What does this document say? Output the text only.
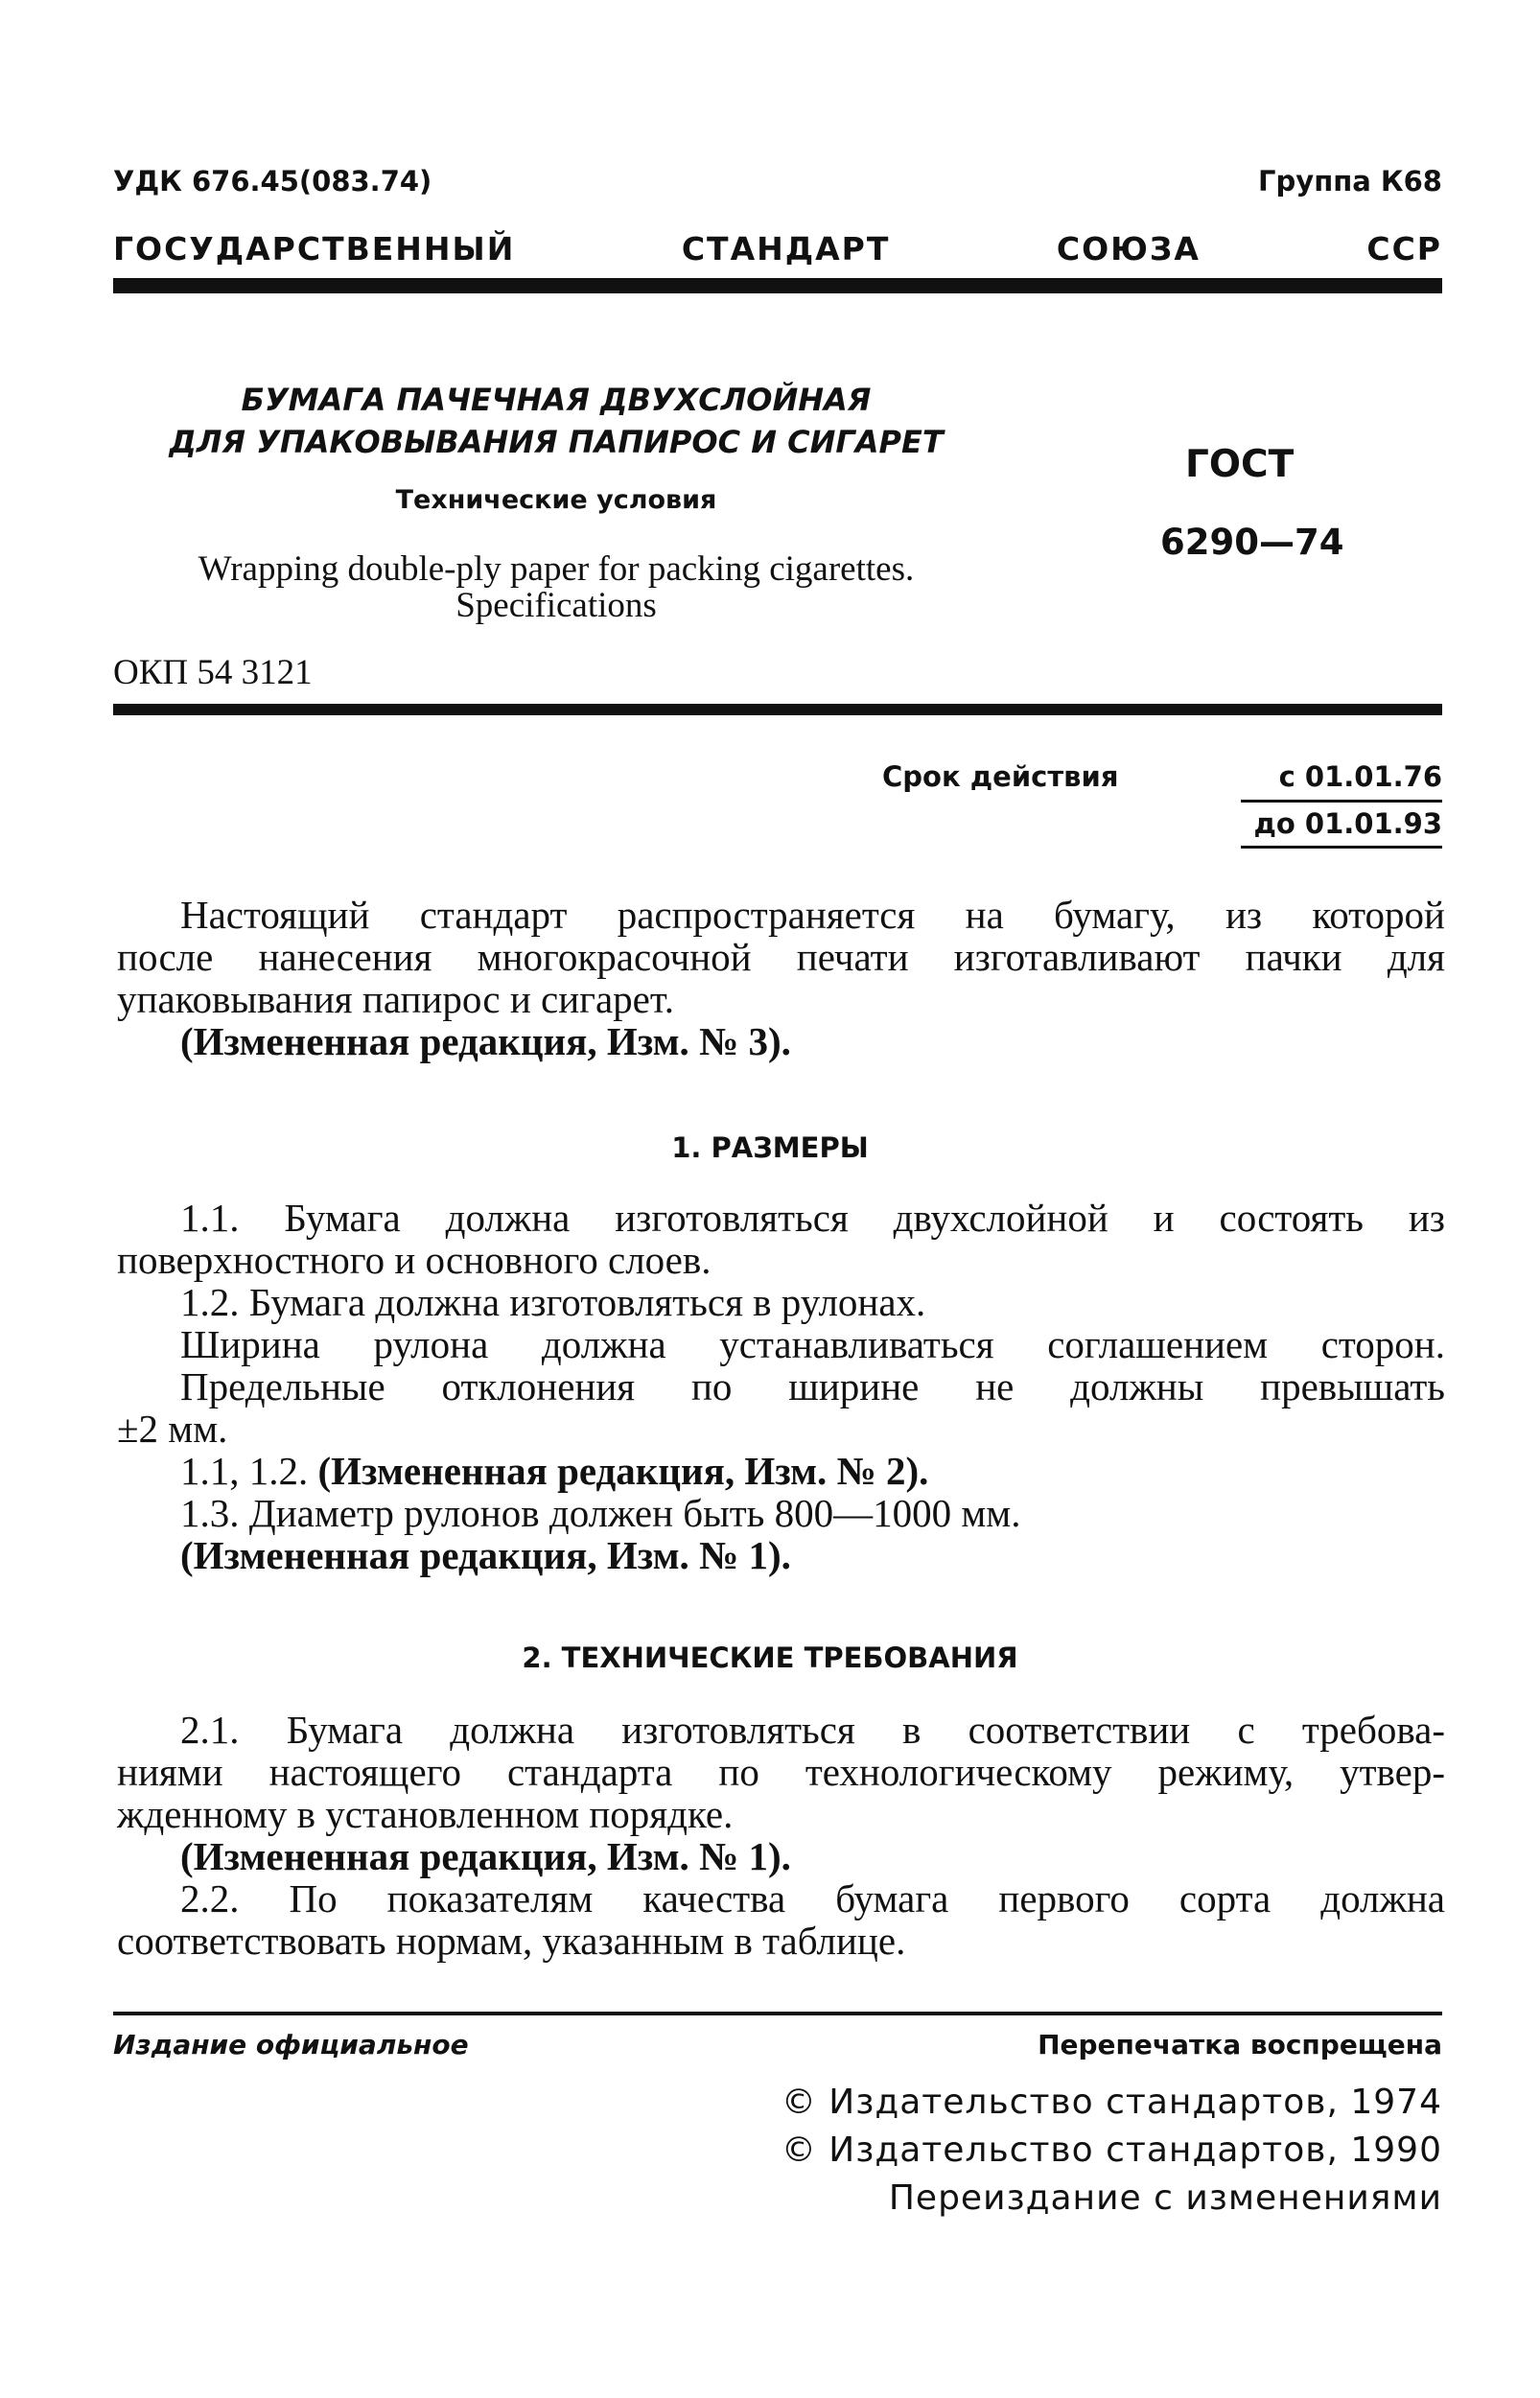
УДК 676.45(083.74)	Группа К68
ГОСУДАРСТВЕННЫЙ СТАНДАРТ СОЮЗА ССР
БУМАГА ПАЧЕЧНАЯ ДВУХСЛОЙНАЯ
ДЛЯ УПАКОВЫВАНИЯ ПАПИРОС И СИГАРЕТ
Технические условия
Wrapping double-ply paper for packing cigarettes.
Specifications
ОКП 54 3121
ГОСТ
6290—74
Срок действия	с 01.01.76
до 01.01.93
Настоящий стандарт распространяется на бумагу, из которой
после нанесения многокрасочной печати изготавливают пачки для
упаковывания папирос и сигарет.
(Измененная редакция, Изм. № 3).
1. РАЗМЕРЫ
1.1. Бумага должна изготовляться двухслойной и состоять из
поверхностного и основного слоев.
1.2. Бумага должна изготовляться в рулонах.
Ширина рулона должна устанавливаться соглашением сторон.
Предельные отклонения по ширине не должны превышать
±2 мм.
1.1, 1.2. (Измененная редакция, Изм. № 2).
1.3. Диаметр рулонов должен быть 800—1000 мм.
(Измененная редакция, Изм. № 1).
2. ТЕХНИЧЕСКИЕ ТРЕБОВАНИЯ
2.1. Бумага должна изготовляться в соответствии с требова-
ниями настоящего стандарта по технологическому режиму, утвер-
жденному в установленном порядке.
(Измененная редакция, Изм. № 1).
2.2. По показателям качества бумага первого сорта должна
соответствовать нормам, указанным в таблице.
Издание официальное	Перепечатка воспрещена
© Издательство стандартов, 1974
© Издательство стандартов, 1990
Переиздание с изменениями
